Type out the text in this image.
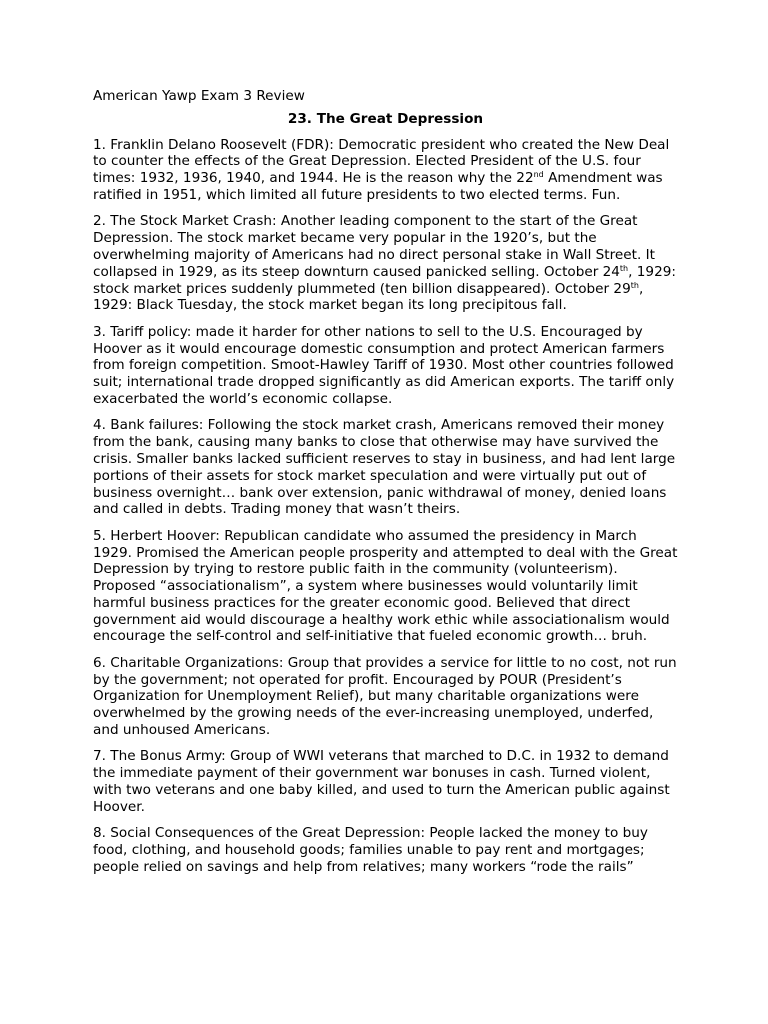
American Yawp Exam 3 Review
23. The Great Depression

1. Franklin Delano Roosevelt (FDR): Democratic president who created the New Deal to counter the effects of the Great Depression. Elected President of the U.S. four times: 1932, 1936, 1940, and 1944. He is the reason why the 22nd Amendment was ratified in 1951, which limited all future presidents to two elected terms. Fun.

2. The Stock Market Crash: Another leading component to the start of the Great Depression. The stock market became very popular in the 1920’s, but the overwhelming majority of Americans had no direct personal stake in Wall Street. It collapsed in 1929, as its steep downturn caused panicked selling. October 24th, 1929: stock market prices suddenly plummeted (ten billion disappeared). October 29th, 1929: Black Tuesday, the stock market began its long precipitous fall.

3. Tariff policy: made it harder for other nations to sell to the U.S. Encouraged by Hoover as it would encourage domestic consumption and protect American farmers from foreign competition. Smoot-Hawley Tariff of 1930. Most other countries followed suit; international trade dropped significantly as did American exports. The tariff only exacerbated the world’s economic collapse.

4. Bank failures: Following the stock market crash, Americans removed their money from the bank, causing many banks to close that otherwise may have survived the crisis. Smaller banks lacked sufficient reserves to stay in business, and had lent large portions of their assets for stock market speculation and were virtually put out of business overnight… bank over extension, panic withdrawal of money, denied loans and called in debts. Trading money that wasn’t theirs.

5. Herbert Hoover: Republican candidate who assumed the presidency in March 1929. Promised the American people prosperity and attempted to deal with the Great Depression by trying to restore public faith in the community (volunteerism). Proposed “associationalism”, a system where businesses would voluntarily limit harmful business practices for the greater economic good. Believed that direct government aid would discourage a healthy work ethic while associationalism would encourage the self-control and self-initiative that fueled economic growth… bruh.

6. Charitable Organizations: Group that provides a service for little to no cost, not run by the government; not operated for profit. Encouraged by POUR (President’s Organization for Unemployment Relief), but many charitable organizations were overwhelmed by the growing needs of the ever-increasing unemployed, underfed, and unhoused Americans.

7. The Bonus Army: Group of WWI veterans that marched to D.C. in 1932 to demand the immediate payment of their government war bonuses in cash. Turned violent, with two veterans and one baby killed, and used to turn the American public against Hoover.

8. Social Consequences of the Great Depression: People lacked the money to buy food, clothing, and household goods; families unable to pay rent and mortgages; people relied on savings and help from relatives; many workers “rode the rails”
